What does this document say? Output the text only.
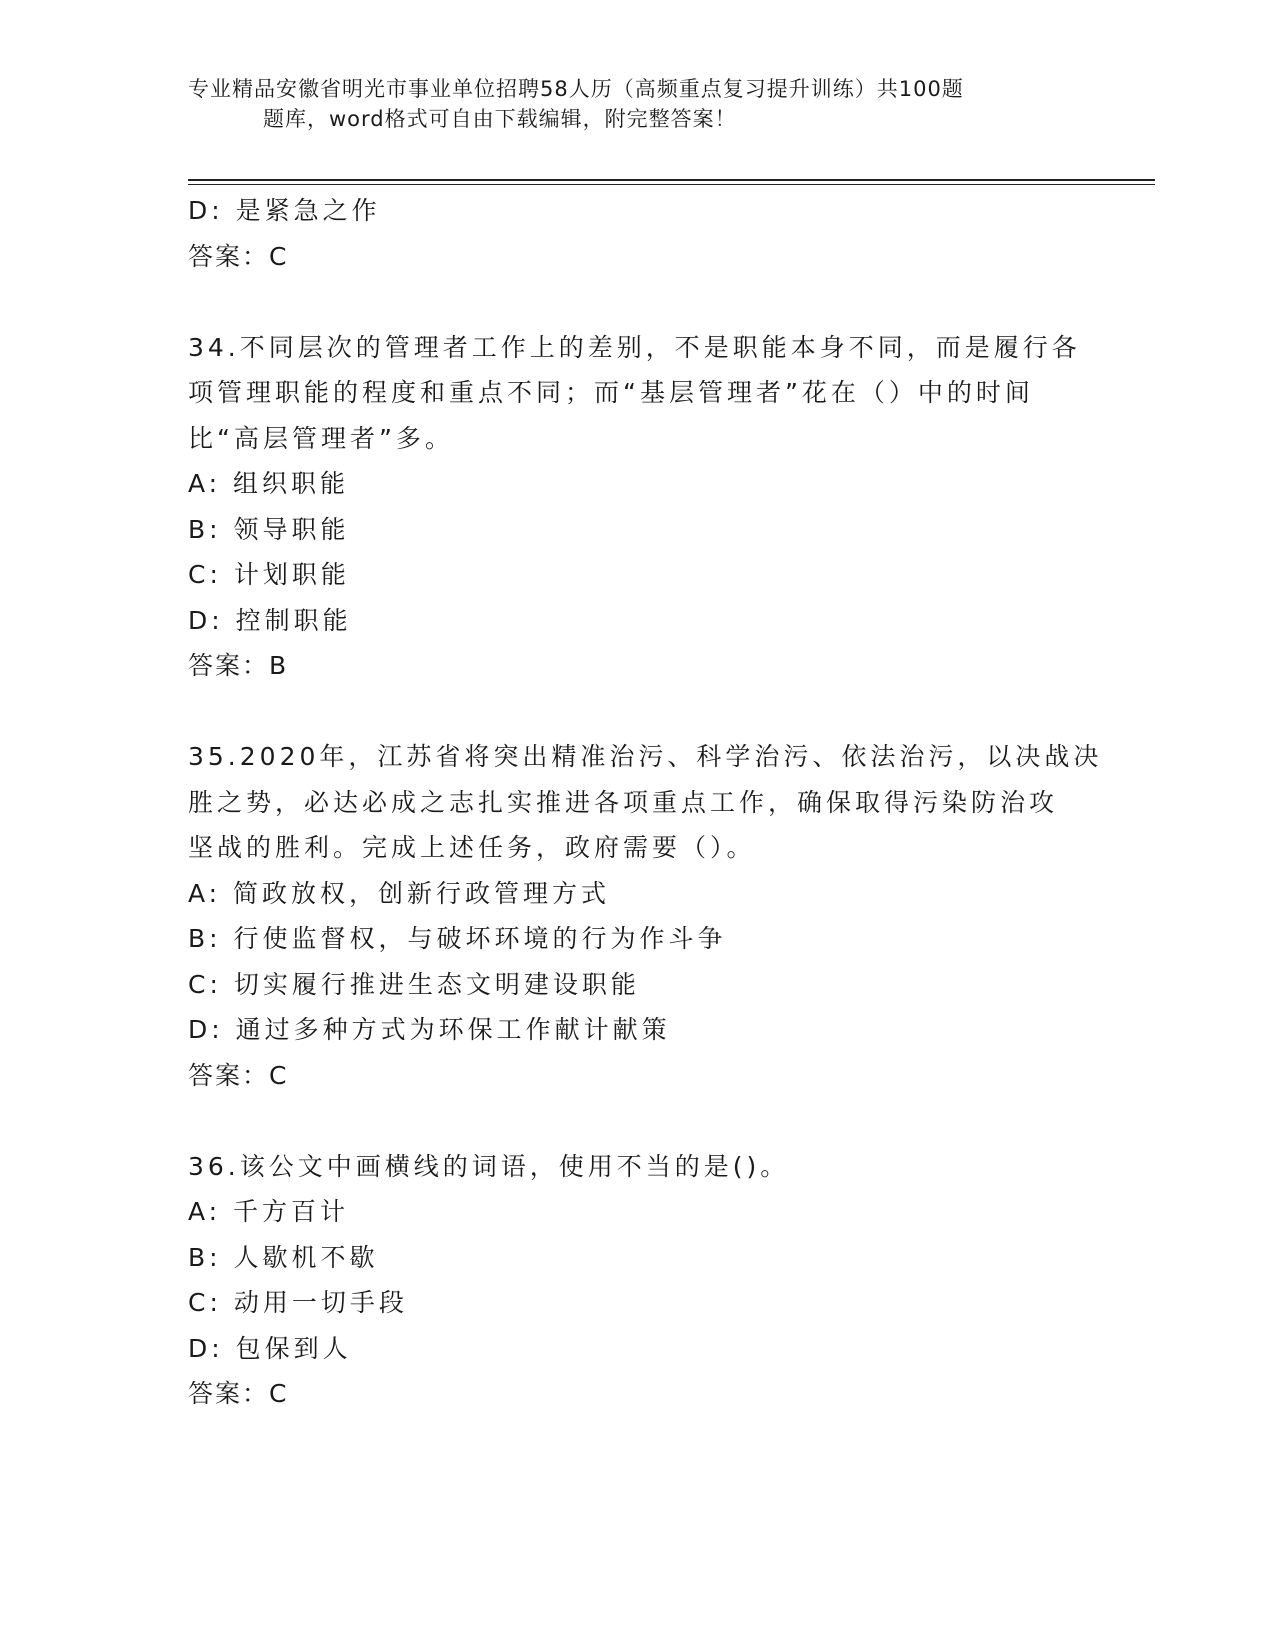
专业精品安徽省明光市事业单位招聘58人历（高频重点复习提升训练）共100题
题库，word格式可自由下载编辑，附完整答案！
D: 是紧急之作
答案：C
34.不同层次的管理者工作上的差别，不是职能本身不同，而是履行各
项管理职能的程度和重点不同；而“基层管理者”花在（）中的时间
比“高层管理者”多。
A: 组织职能
B: 领导职能
C: 计划职能
D: 控制职能
答案：B
35.2020年，江苏省将突出精准治污、科学治污、依法治污，以决战决
胜之势，必达必成之志扎实推进各项重点工作，确保取得污染防治攻
坚战的胜利。完成上述任务，政府需要（）。
A: 简政放权，创新行政管理方式
B: 行使监督权，与破坏环境的行为作斗争
C: 切实履行推进生态文明建设职能
D: 通过多种方式为环保工作献计献策
答案：C
36.该公文中画横线的词语，使用不当的是()。
A: 千方百计
B: 人歇机不歇
C: 动用一切手段
D: 包保到人
答案：C
